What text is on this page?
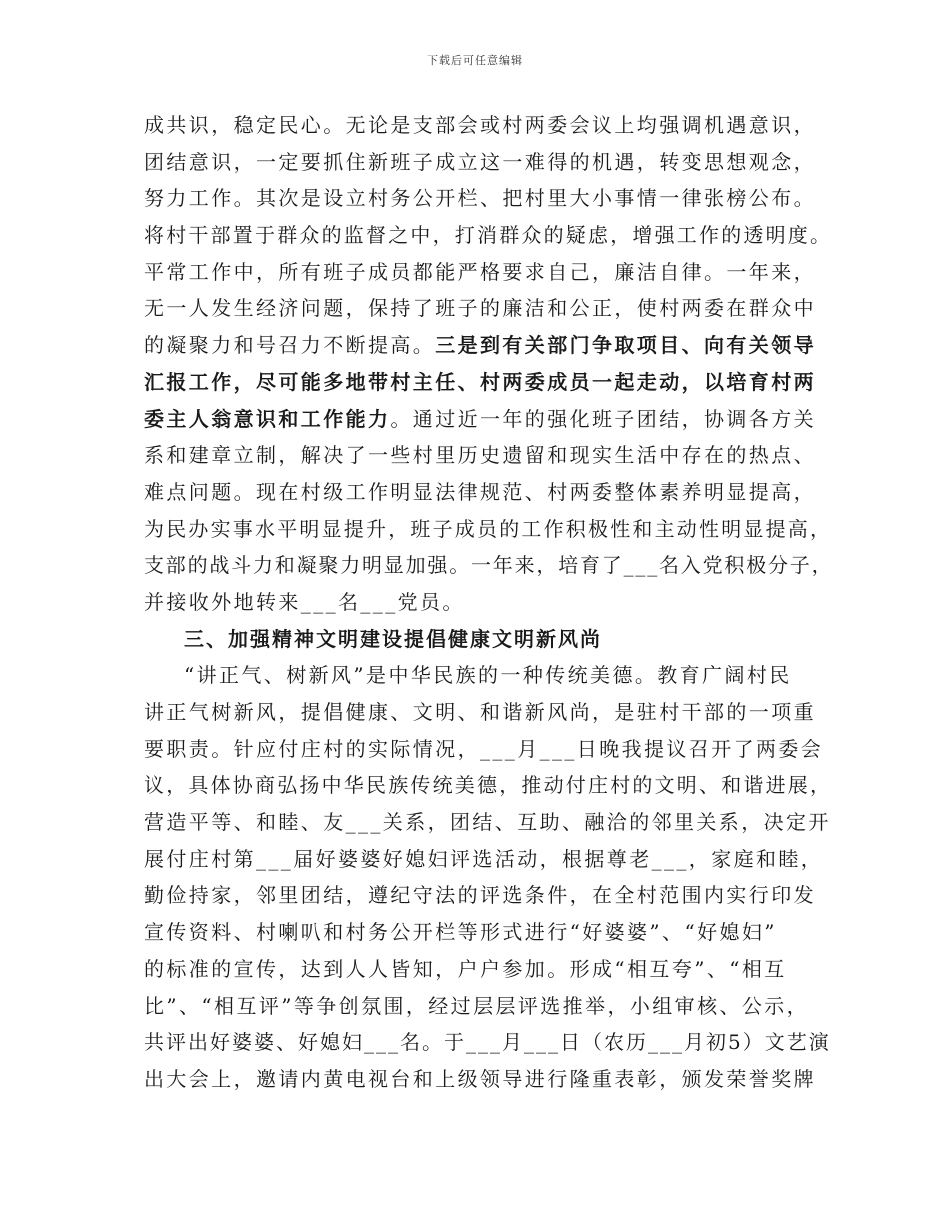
下载后可任意编辑
成共识，稳定民心。无论是支部会或村两委会议上均强调机遇意识，
团结意识，一定要抓住新班子成立这一难得的机遇，转变思想观念，
努力工作。其次是设立村务公开栏、把村里大小事情一律张榜公布。
将村干部置于群众的监督之中，打消群众的疑虑，增强工作的透明度。
平常工作中，所有班子成员都能严格要求自己，廉洁自律。一年来，
无一人发生经济问题，保持了班子的廉洁和公正，使村两委在群众中
的凝聚力和号召力不断提高。三是到有关部门争取项目、向有关领导
汇报工作，尽可能多地带村主任、村两委成员一起走动，以培育村两
委主人翁意识和工作能力。通过近一年的强化班子团结，协调各方关
系和建章立制，解决了一些村里历史遗留和现实生活中存在的热点、
难点问题。现在村级工作明显法律规范、村两委整体素养明显提高，
为民办实事水平明显提升，班子成员的工作积极性和主动性明显提高，
支部的战斗力和凝聚力明显加强。一年来，培育了___名入党积极分子，
并接收外地转来___名___党员。
三、加强精神文明建设提倡健康文明新风尚
“讲正气、树新风”是中华民族的一种传统美德。教育广阔村民
讲正气树新风，提倡健康、文明、和谐新风尚，是驻村干部的一项重
要职责。针应付庄村的实际情况，___月___日晚我提议召开了两委会
议，具体协商弘扬中华民族传统美德，推动付庄村的文明、和谐进展，
营造平等、和睦、友___关系，团结、互助、融洽的邻里关系，决定开
展付庄村第___届好婆婆好媳妇评选活动，根据尊老___，家庭和睦，
勤俭持家，邻里团结，遵纪守法的评选条件，在全村范围内实行印发
宣传资料、村喇叭和村务公开栏等形式进行“好婆婆”、“好媳妇”
的标准的宣传，达到人人皆知，户户参加。形成“相互夸”、“相互
比”、“相互评”等争创氛围，经过层层评选推举，小组审核、公示，
共评出好婆婆、好媳妇___名。于___月___日（农历___月初5）文艺演
出大会上，邀请内黄电视台和上级领导进行隆重表彰，颁发荣誉奖牌
